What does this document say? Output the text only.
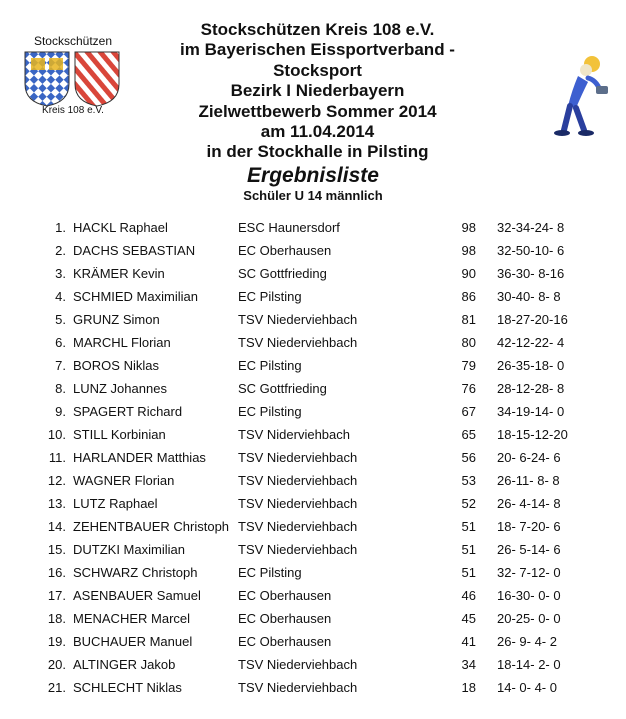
Stockschützen
Kreis 108 e.V.
Stockschützen Kreis 108 e.V.
im Bayerischen Eissportverband - Stocksport
Bezirk I Niederbayern
Zielwettbewerb Sommer 2014
am 11.04.2014
in der Stockhalle in Pilsting
Ergebnisliste
Schüler U 14 männlich
1. HACKL Raphael	ESC Haunersdorf	98 32-34-24- 8
2. DACHS SEBASTIAN	EC Oberhausen	98 32-50-10- 6
3. KRÄMER Kevin	SC Gottfrieding	90 36-30- 8-16
4. SCHMIED Maximilian	EC Pilsting	86 30-40- 8- 8
5. GRUNZ Simon	TSV Niederviehbach	81 18-27-20-16
6. MARCHL Florian	TSV Niederviehbach	80 42-12-22- 4
7. BOROS Niklas	EC Pilsting	79 26-35-18- 0
8. LUNZ Johannes	SC Gottfrieding	76 28-12-28- 8
9. SPAGERT Richard	EC Pilsting	67 34-19-14- 0
10. STILL Korbinian	TSV Niderviehbach	65 18-15-12-20
11. HARLANDER Matthias TSV Niederviehbach	56 20- 6-24- 6
12. WAGNER Florian	TSV Niederviehbach	53 26-11- 8- 8
13. LUTZ Raphael	TSV Niederviehbach	52 26- 4-14- 8
14. ZEHENTBAUER Christoph TSV Niederviehbach	51 18- 7-20- 6
15. DUTZKI Maximilian	TSV Niederviehbach	51 26- 5-14- 6
16. SCHWARZ Christoph	EC Pilsting	51 32- 7-12- 0
17. ASENBAUER Samuel	EC Oberhausen	46 16-30- 0- 0
18. MENACHER Marcel	EC Oberhausen	45 20-25- 0- 0
19. BUCHAUER Manuel	EC Oberhausen	41 26- 9- 4- 2
20. ALTINGER Jakob	TSV Niederviehbach	34 18-14- 2- 0
21. SCHLECHT Niklas	TSV Niederviehbach	18 14- 0- 4- 0
